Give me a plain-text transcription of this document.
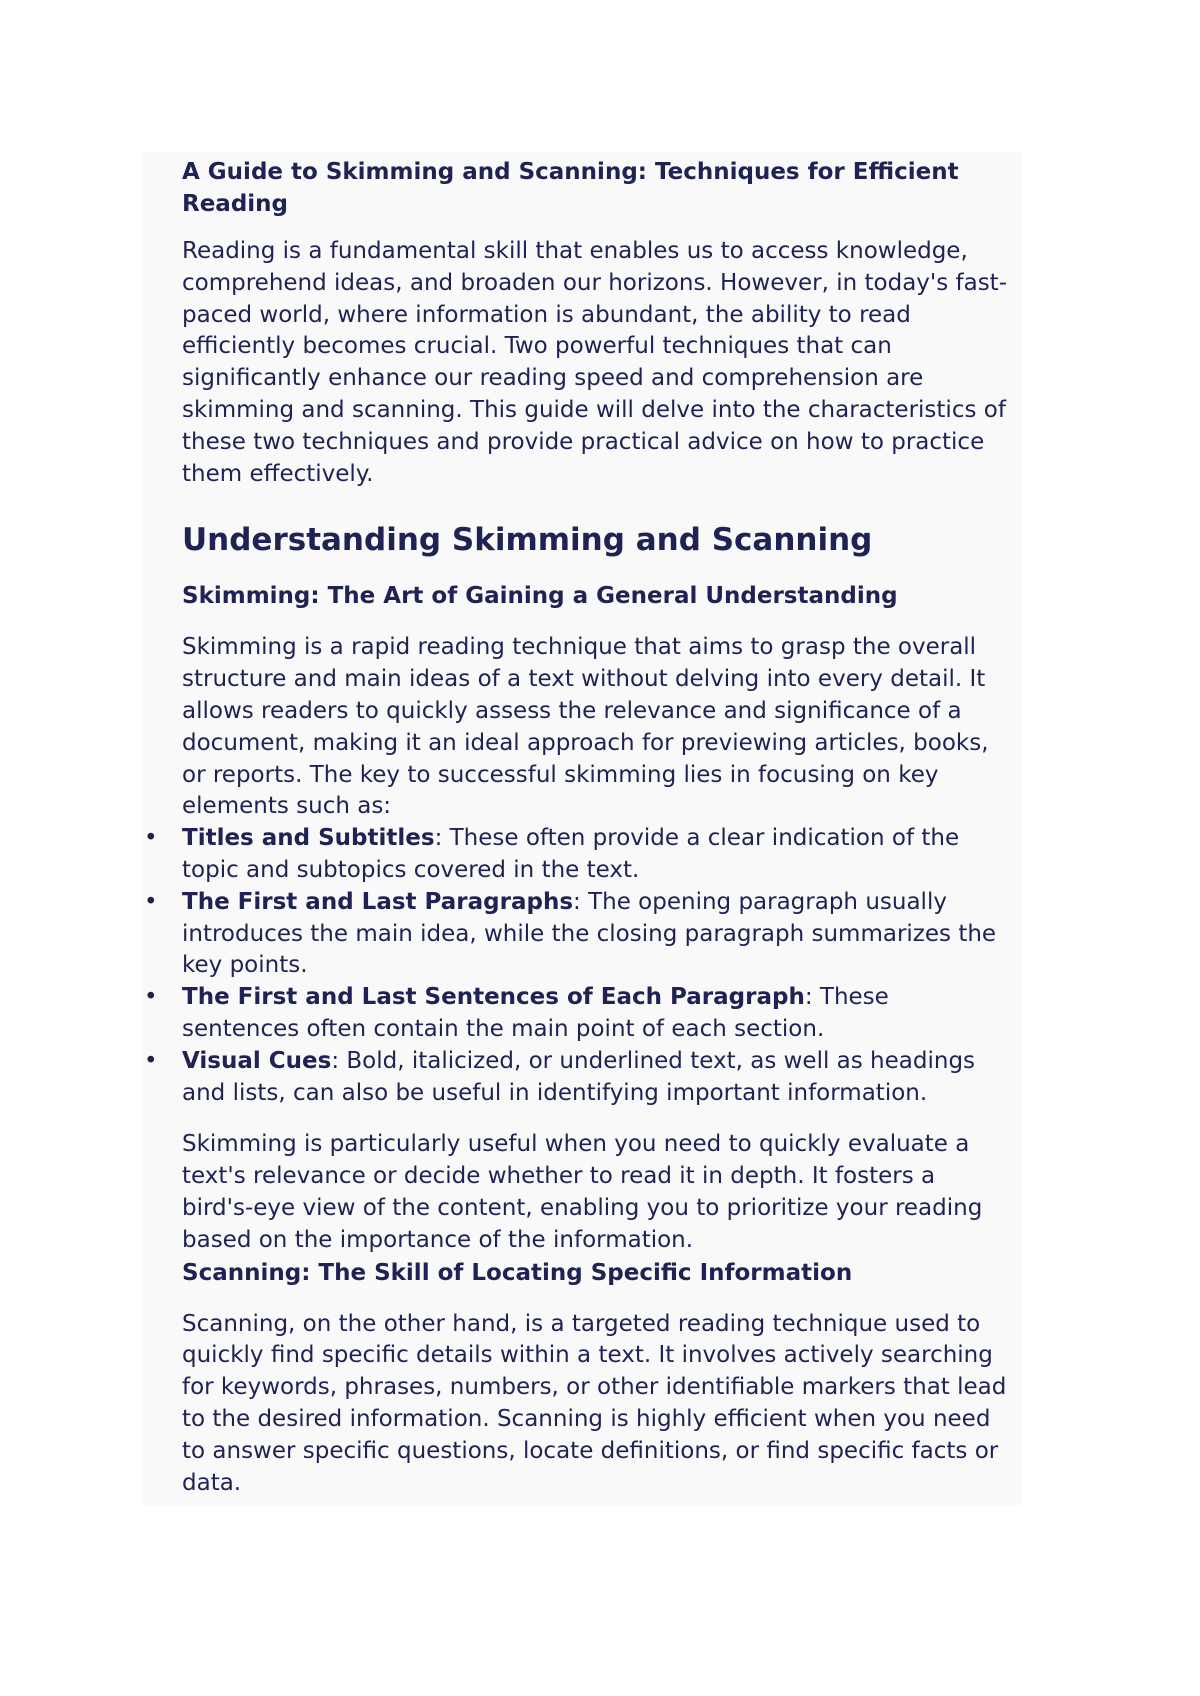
A Guide to Skimming and Scanning: Techniques for Efficient Reading

Reading is a fundamental skill that enables us to access knowledge, comprehend ideas, and broaden our horizons. However, in today's fast-paced world, where information is abundant, the ability to read efficiently becomes crucial. Two powerful techniques that can significantly enhance our reading speed and comprehension are skimming and scanning. This guide will delve into the characteristics of these two techniques and provide practical advice on how to practice them effectively.

Understanding Skimming and Scanning
Skimming: The Art of Gaining a General Understanding

Skimming is a rapid reading technique that aims to grasp the overall structure and main ideas of a text without delving into every detail. It allows readers to quickly assess the relevance and significance of a document, making it an ideal approach for previewing articles, books, or reports. The key to successful skimming lies in focusing on key elements such as:

• Titles and Subtitles: These often provide a clear indication of the topic and subtopics covered in the text.
• The First and Last Paragraphs: The opening paragraph usually introduces the main idea, while the closing paragraph summarizes the key points.
• The First and Last Sentences of Each Paragraph: These sentences often contain the main point of each section.
• Visual Cues: Bold, italicized, or underlined text, as well as headings and lists, can also be useful in identifying important information.

Skimming is particularly useful when you need to quickly evaluate a text's relevance or decide whether to read it in depth. It fosters a bird's-eye view of the content, enabling you to prioritize your reading based on the importance of the information.

Scanning: The Skill of Locating Specific Information

Scanning, on the other hand, is a targeted reading technique used to quickly find specific details within a text. It involves actively searching for keywords, phrases, numbers, or other identifiable markers that lead to the desired information. Scanning is highly efficient when you need to answer specific questions, locate definitions, or find specific facts or data.
